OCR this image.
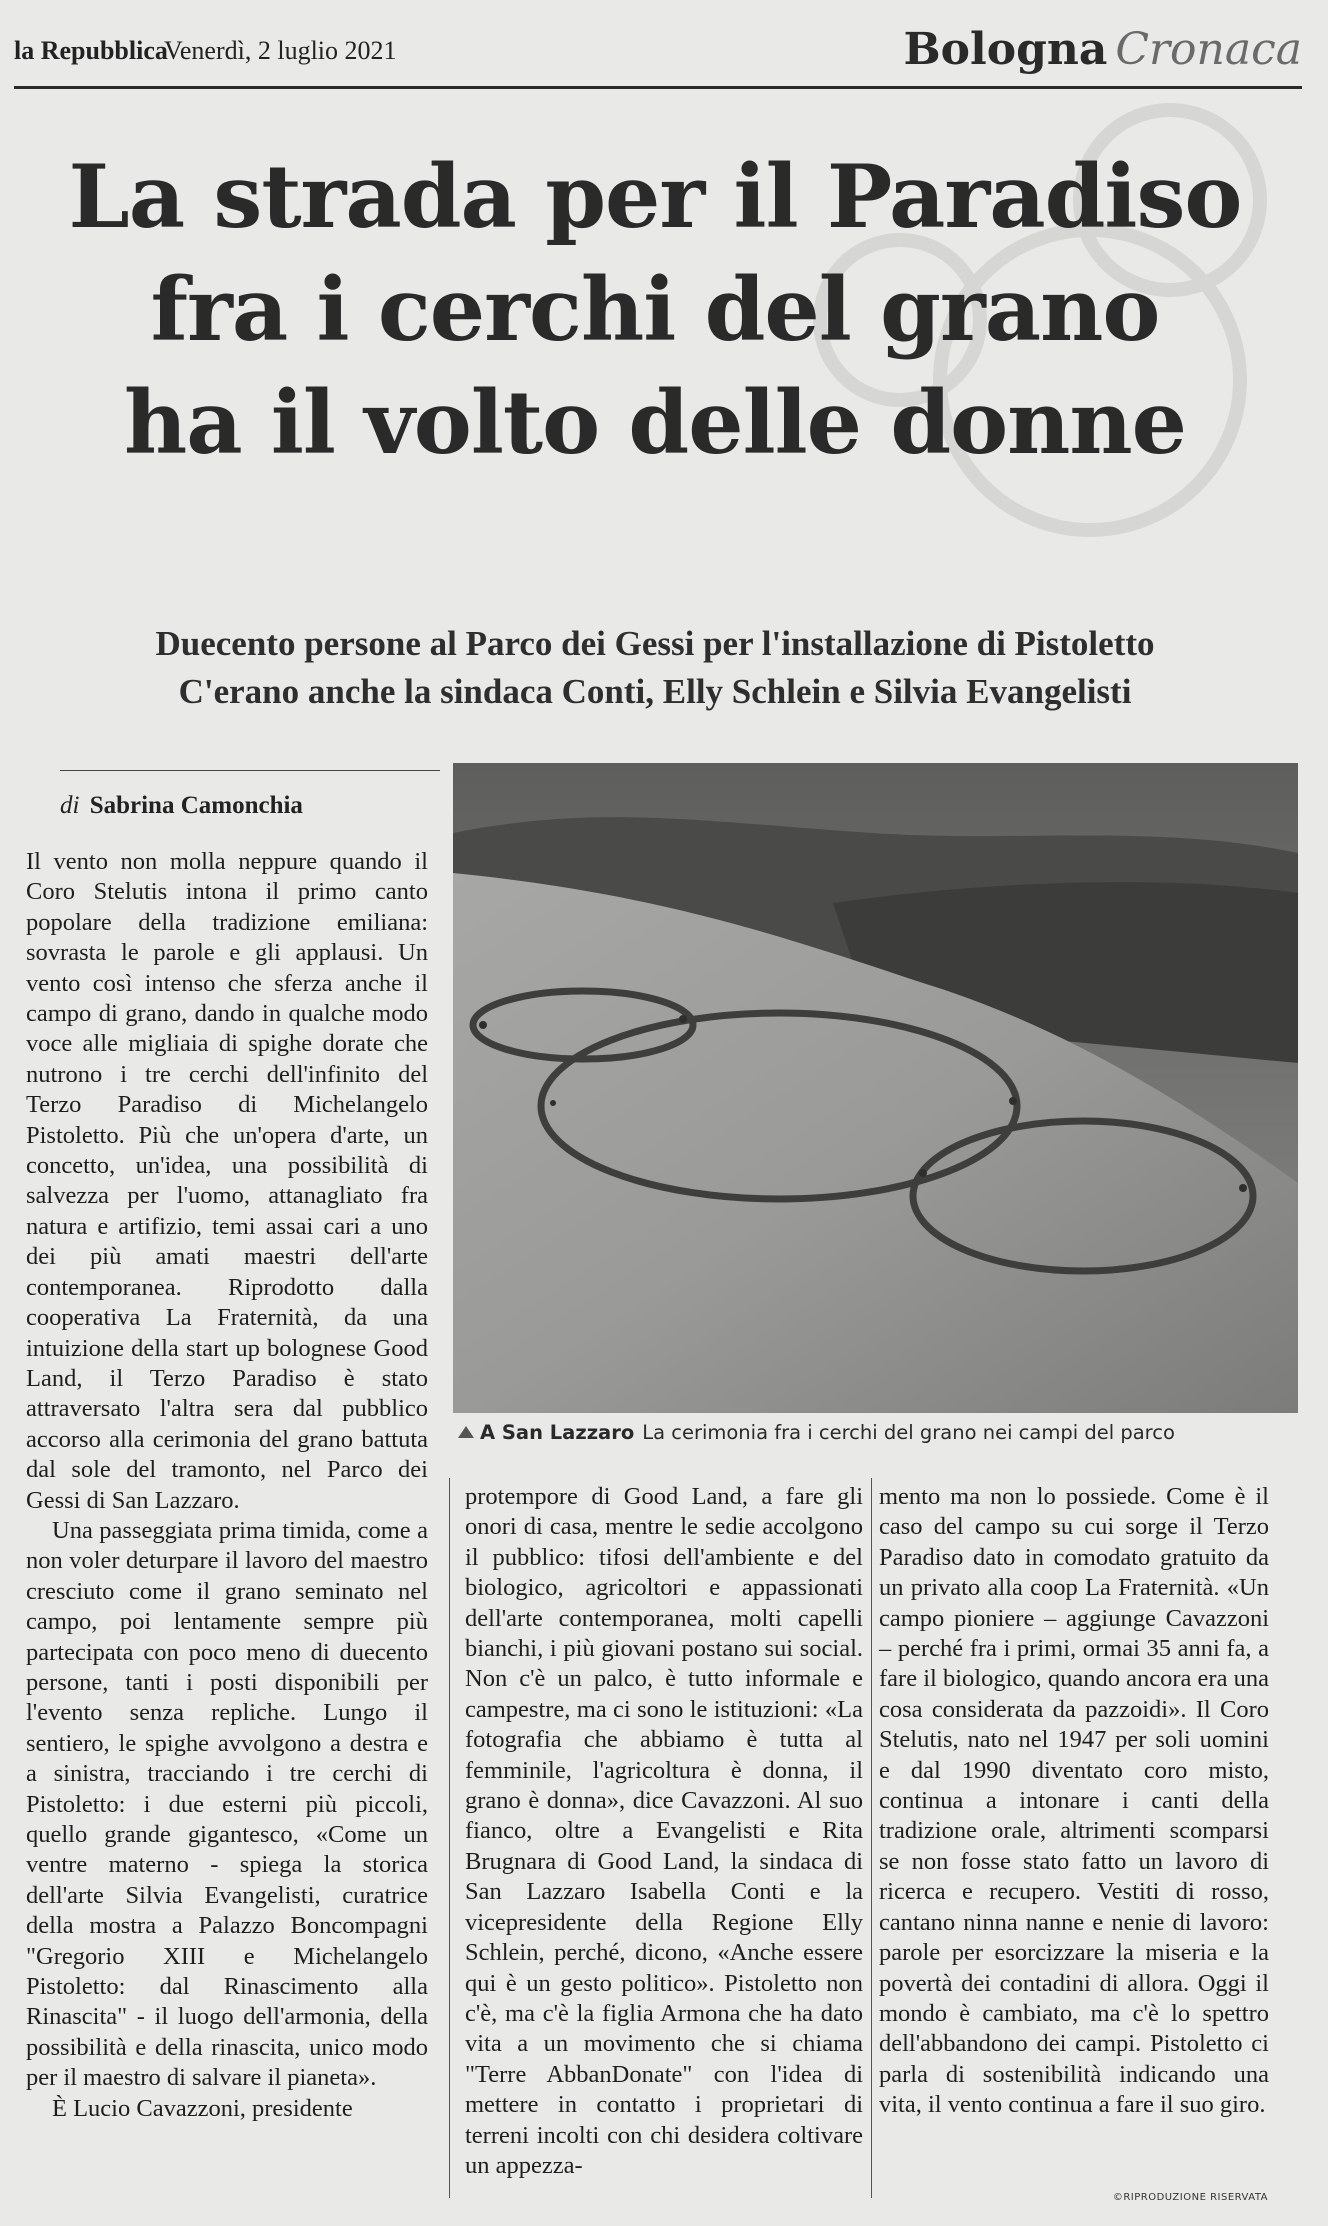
la Repubblica
Venerdì, 2 luglio 2021	Bologna Cronaca
La strada per il Paradiso
fra i cerchi del grano
ha il volto delle donne
Duecento persone al Parco dei Gessi per l'installazione di Pistoletto
C'erano anche la sindaca Conti, Elly Schlein e Silvia Evangelisti
di Sabrina Camonchia

Il vento non molla neppure quando il Coro Stelutis intona il primo canto popolare della tradizione emiliana: sovrasta le parole e gli applausi. Un vento così intenso che sferza anche il campo di grano, dando in qualche modo voce alle migliaia di spighe dorate che nutrono i tre cerchi dell'infinito del Terzo Paradiso di Michelangelo Pistoletto. Più che un'opera d'arte, un concetto, un'idea, una possibilità di salvezza per l'uomo, attanagliato fra natura e artifizio, temi assai cari a uno dei più amati maestri dell'arte contemporanea. Riprodotto dalla cooperativa La Fraternità, da una intuizione della start up bolognese Good Land, il Terzo Paradiso è stato attraversato l'altra sera dal pubblico accorso alla cerimonia del grano battuta dal sole del tramonto, nel Parco dei Gessi di San Lazzaro.

Una passeggiata prima timida, come a non voler deturpare il lavoro del maestro cresciuto come il grano seminato nel campo, poi lentamente sempre più partecipata con poco meno di duecento persone, tanti i posti disponibili per l'evento senza repliche. Lungo il sentiero, le spighe avvolgono a destra e a sinistra, tracciando i tre cerchi di Pistoletto: i due esterni più piccoli, quello grande gigantesco, «Come un ventre materno - spiega la storica dell'arte Silvia Evangelisti, curatrice della mostra a Palazzo Boncompagni "Gregorio XIII e Michelangelo Pistoletto: dal Rinascimento alla Rinascita" - il luogo dell'armonia, della possibilità e della rinascita, unico modo per il maestro di salvare il pianeta».

È Lucio Cavazzoni, presidente

A San Lazzaro La cerimonia fra i cerchi del grano nei campi del parco

protempore di Good Land, a fare gli onori di casa, mentre le sedie accolgono il pubblico: tifosi dell'ambiente e del biologico, agricoltori e appassionati dell'arte contemporanea, molti capelli bianchi, i più giovani postano sui social. Non c'è un palco, è tutto informale e campestre, ma ci sono le istituzioni: «La fotografia che abbiamo è tutta al femminile, l'agricoltura è donna, il grano è donna», dice Cavazzoni. Al suo fianco, oltre a Evangelisti e Rita Brugnara di Good Land, la sindaca di San Lazzaro Isabella Conti e la vicepresidente della Regione Elly Schlein, perché, dicono, «Anche essere qui è un gesto politico». Pistoletto non c'è, ma c'è la figlia Armona che ha dato vita a un movimento che si chiama "Terre AbbanDonate" con l'idea di mettere in contatto i proprietari di terreni incolti con chi desidera coltivare un appezza-

mento ma non lo possiede. Come è il caso del campo su cui sorge il Terzo Paradiso dato in comodato gratuito da un privato alla coop La Fraternità. «Un campo pioniere – aggiunge Cavazzoni – perché fra i primi, ormai 35 anni fa, a fare il biologico, quando ancora era una cosa considerata da pazzoidi». Il Coro Stelutis, nato nel 1947 per soli uomini e dal 1990 diventato coro misto, continua a intonare i canti della tradizione orale, altrimenti scomparsi se non fosse stato fatto un lavoro di ricerca e recupero. Vestiti di rosso, cantano ninna nanne e nenie di lavoro: parole per esorcizzare la miseria e la povertà dei contadini di allora. Oggi il mondo è cambiato, ma c'è lo spettro dell'abbandono dei campi. Pistoletto ci parla di sostenibilità indicando una vita, il vento continua a fare il suo giro.

©RIPRODUZIONE RISERVATA
